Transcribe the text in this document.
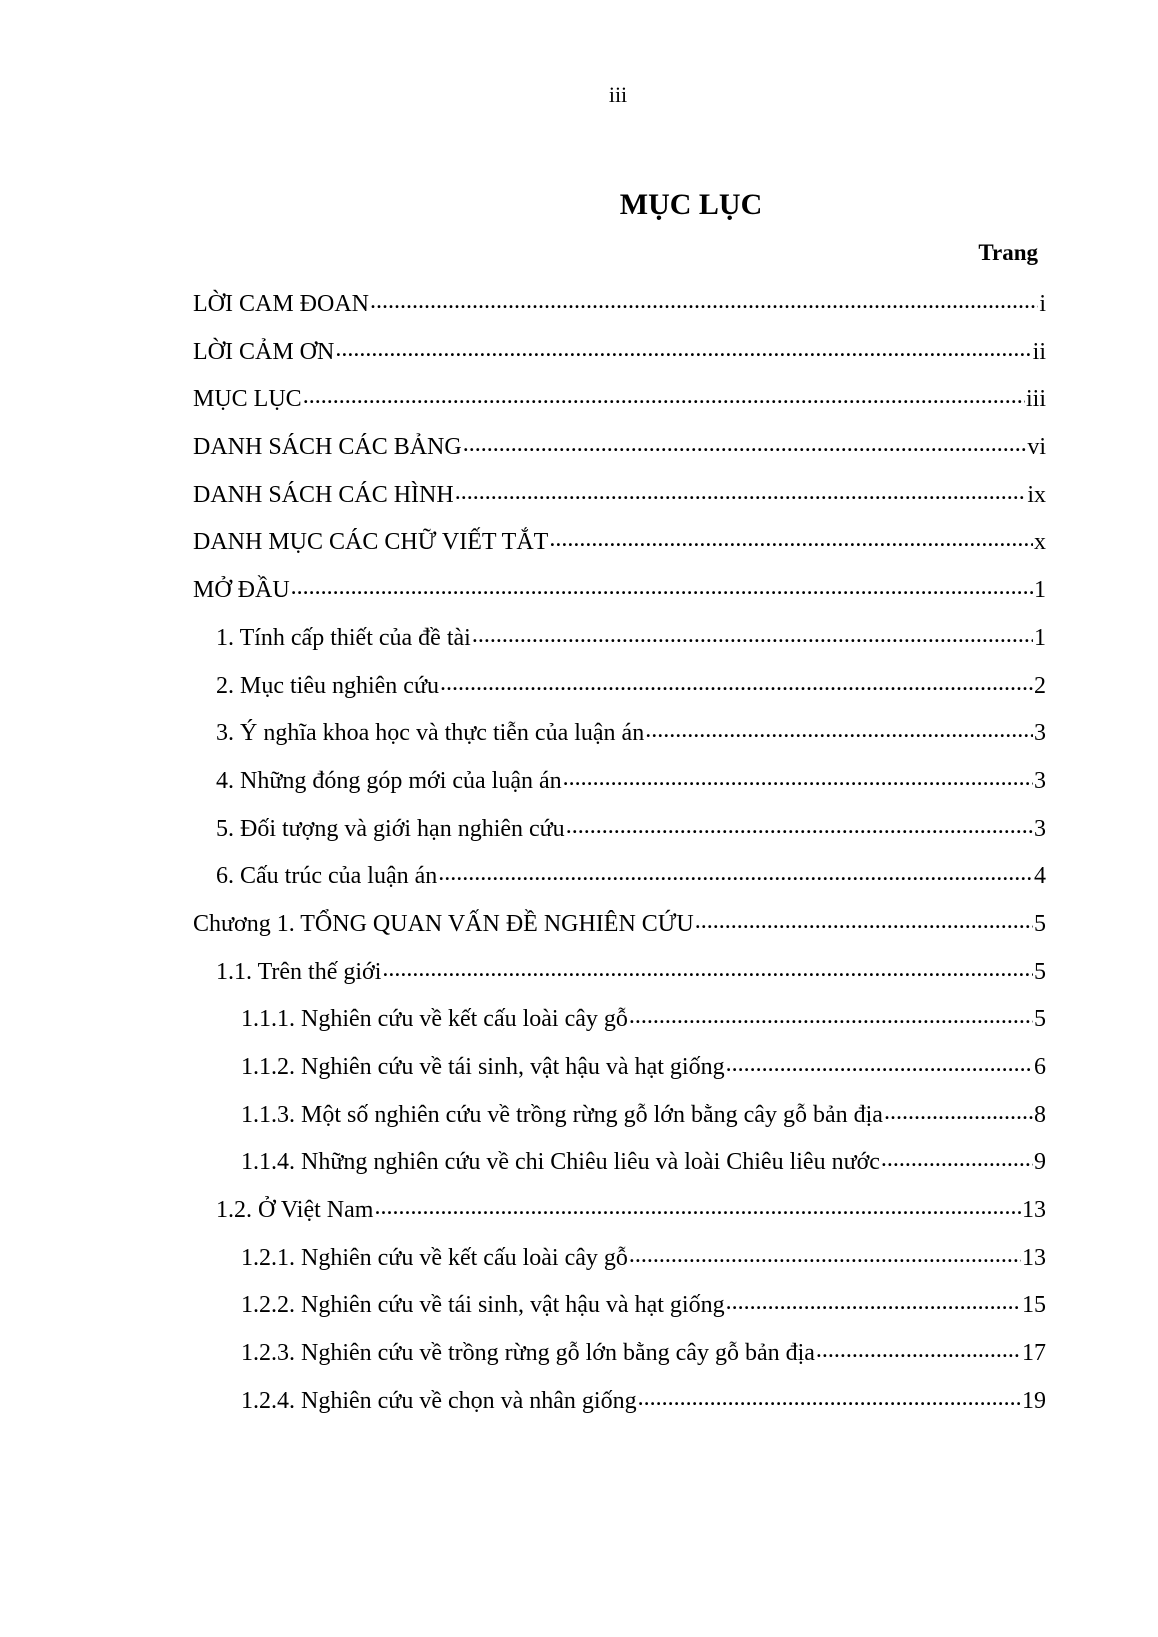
iii
MỤC LỤC
Trang
LỜI CAM ĐOAN .....	i
LỜI CẢM ƠN .....	ii
MỤC LỤC .....	iii
DANH SÁCH CÁC BẢNG .....	vi
DANH SÁCH CÁC HÌNH .....	ix
DANH MỤC CÁC CHỮ VIẾT TẮT .....	x
MỞ ĐẦU .....	1
1. Tính cấp thiết của đề tài .....	1
2. Mục tiêu nghiên cứu .....	2
3. Ý nghĩa khoa học và thực tiễn của luận án .....	3
4. Những đóng góp mới của luận án .....	3
5. Đối tượng và giới hạn nghiên cứu .....	3
6. Cấu trúc của luận án .....	4
Chương 1. TỔNG QUAN VẤN ĐỀ NGHIÊN CỨU .....	5
1.1. Trên thế giới .....	5
1.1.1. Nghiên cứu về kết cấu loài cây gỗ .....	5
1.1.2. Nghiên cứu về tái sinh, vật hậu và hạt giống .....	6
1.1.3. Một số nghiên cứu về trồng rừng gỗ lớn bằng cây gỗ bản địa .....	8
1.1.4. Những nghiên cứu về chi Chiêu liêu và loài Chiêu liêu nước .....	9
1.2. Ở Việt Nam .....	13
1.2.1. Nghiên cứu về kết cấu loài cây gỗ .....	13
1.2.2. Nghiên cứu về tái sinh, vật hậu và hạt giống .....	15
1.2.3. Nghiên cứu về trồng rừng gỗ lớn bằng cây gỗ bản địa .....	17
1.2.4. Nghiên cứu về chọn và nhân giống .....	19
